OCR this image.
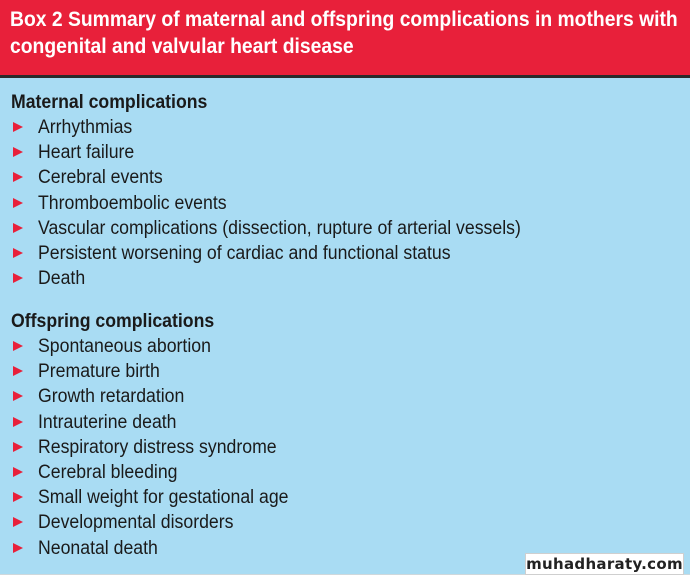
Box 2 Summary of maternal and offspring complications in mothers with congenital and valvular heart disease
Maternal complications
Arrhythmias
Heart failure
Cerebral events
Thromboembolic events
Vascular complications (dissection, rupture of arterial vessels)
Persistent worsening of cardiac and functional status
Death
Offspring complications
Spontaneous abortion
Premature birth
Growth retardation
Intrauterine death
Respiratory distress syndrome
Cerebral bleeding
Small weight for gestational age
Developmental disorders
Neonatal death
muhadharaty.com
